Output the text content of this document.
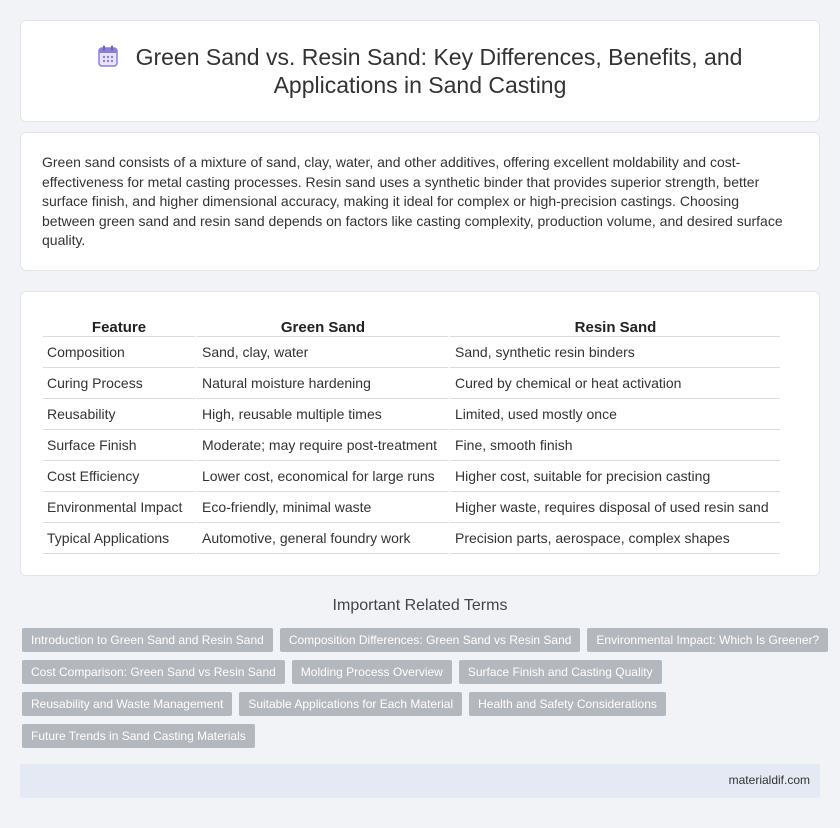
Green Sand vs. Resin Sand: Key Differences, Benefits, and Applications in Sand Casting

Green sand consists of a mixture of sand, clay, water, and other additives, offering excellent moldability and cost-effectiveness for metal casting processes. Resin sand uses a synthetic binder that provides superior strength, better surface finish, and higher dimensional accuracy, making it ideal for complex or high-precision castings. Choosing between green sand and resin sand depends on factors like casting complexity, production volume, and desired surface quality.

Feature	Green Sand	Resin Sand
Composition	Sand, clay, water	Sand, synthetic resin binders
Curing Process	Natural moisture hardening	Cured by chemical or heat activation
Reusability	High, reusable multiple times	Limited, used mostly once
Surface Finish	Moderate; may require post-treatment	Fine, smooth finish
Cost Efficiency	Lower cost, economical for large runs	Higher cost, suitable for precision casting
Environmental Impact	Eco-friendly, minimal waste	Higher waste, requires disposal of used resin sand
Typical Applications	Automotive, general foundry work	Precision parts, aerospace, complex shapes
Important Related Terms
Introduction to Green Sand and Resin Sand	Composition Differences: Green Sand vs Resin Sand	Environmental Impact: Which Is Greener?
Cost Comparison: Green Sand vs Resin Sand	Molding Process Overview	Surface Finish and Casting Quality
Reusability and Waste Management	Suitable Applications for Each Material	Health and Safety Considerations
Future Trends in Sand Casting Materials
materialdif.com
